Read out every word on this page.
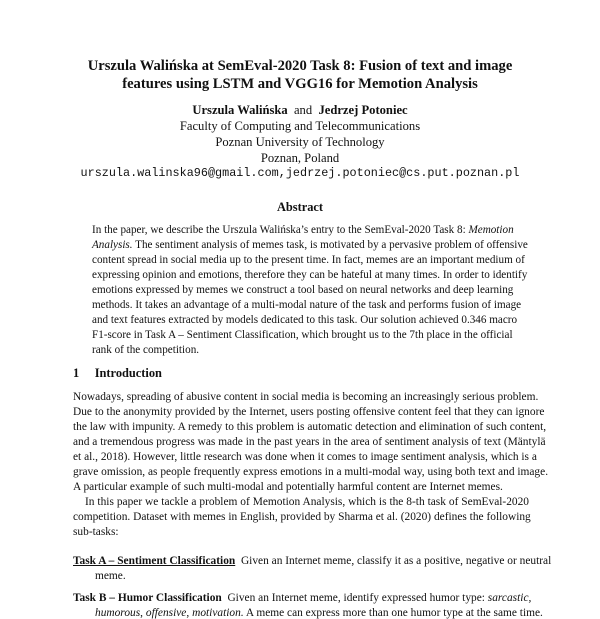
Urszula Walińska at SemEval-2020 Task 8: Fusion of text and image

features using LSTM and VGG16 for Memotion Analysis

Urszula Walińska and Jedrzej Potoniec

Faculty of Computing and Telecommunications

Poznan University of Technology

Poznan, Poland

urszula.walinska96@gmail.com,jedrzej.potoniec@cs.put.poznan.pl

Abstract

In the paper, we describe the Urszula Walińska’s entry to the SemEval-2020 Task 8: Memotion

Analysis. The sentiment analysis of memes task, is motivated by a pervasive problem of offensive

content spread in social media up to the present time. In fact, memes are an important medium of

expressing opinion and emotions, therefore they can be hateful at many times. In order to identify

emotions expressed by memes we construct a tool based on neural networks and deep learning

methods. It takes an advantage of a multi-modal nature of the task and performs fusion of image

and text features extracted by models dedicated to this task. Our solution achieved 0.346 macro

F1-score in Task A – Sentiment Classification, which brought us to the 7th place in the official

rank of the competition.

1 Introduction

Nowadays, spreading of abusive content in social media is becoming an increasingly serious problem.

Due to the anonymity provided by the Internet, users posting offensive content feel that they can ignore

the law with impunity. A remedy to this problem is automatic detection and elimination of such content,

and a tremendous progress was made in the past years in the area of sentiment analysis of text (Mäntylä

et al., 2018). However, little research was done when it comes to image sentiment analysis, which is a

grave omission, as people frequently express emotions in a multi-modal way, using both text and image.

A particular example of such multi-modal and potentially harmful content are Internet memes.

In this paper we tackle a problem of Memotion Analysis, which is the 8-th task of SemEval-2020

competition. Dataset with memes in English, provided by Sharma et al. (2020) defines the following

sub-tasks:

Task A – Sentiment Classification Given an Internet meme, classify it as a positive, negative or neutral

meme.

Task B – Humor Classification Given an Internet meme, identify expressed humor type: sarcastic,

humorous, offensive, motivation. A meme can express more than one humor type at the same time.
